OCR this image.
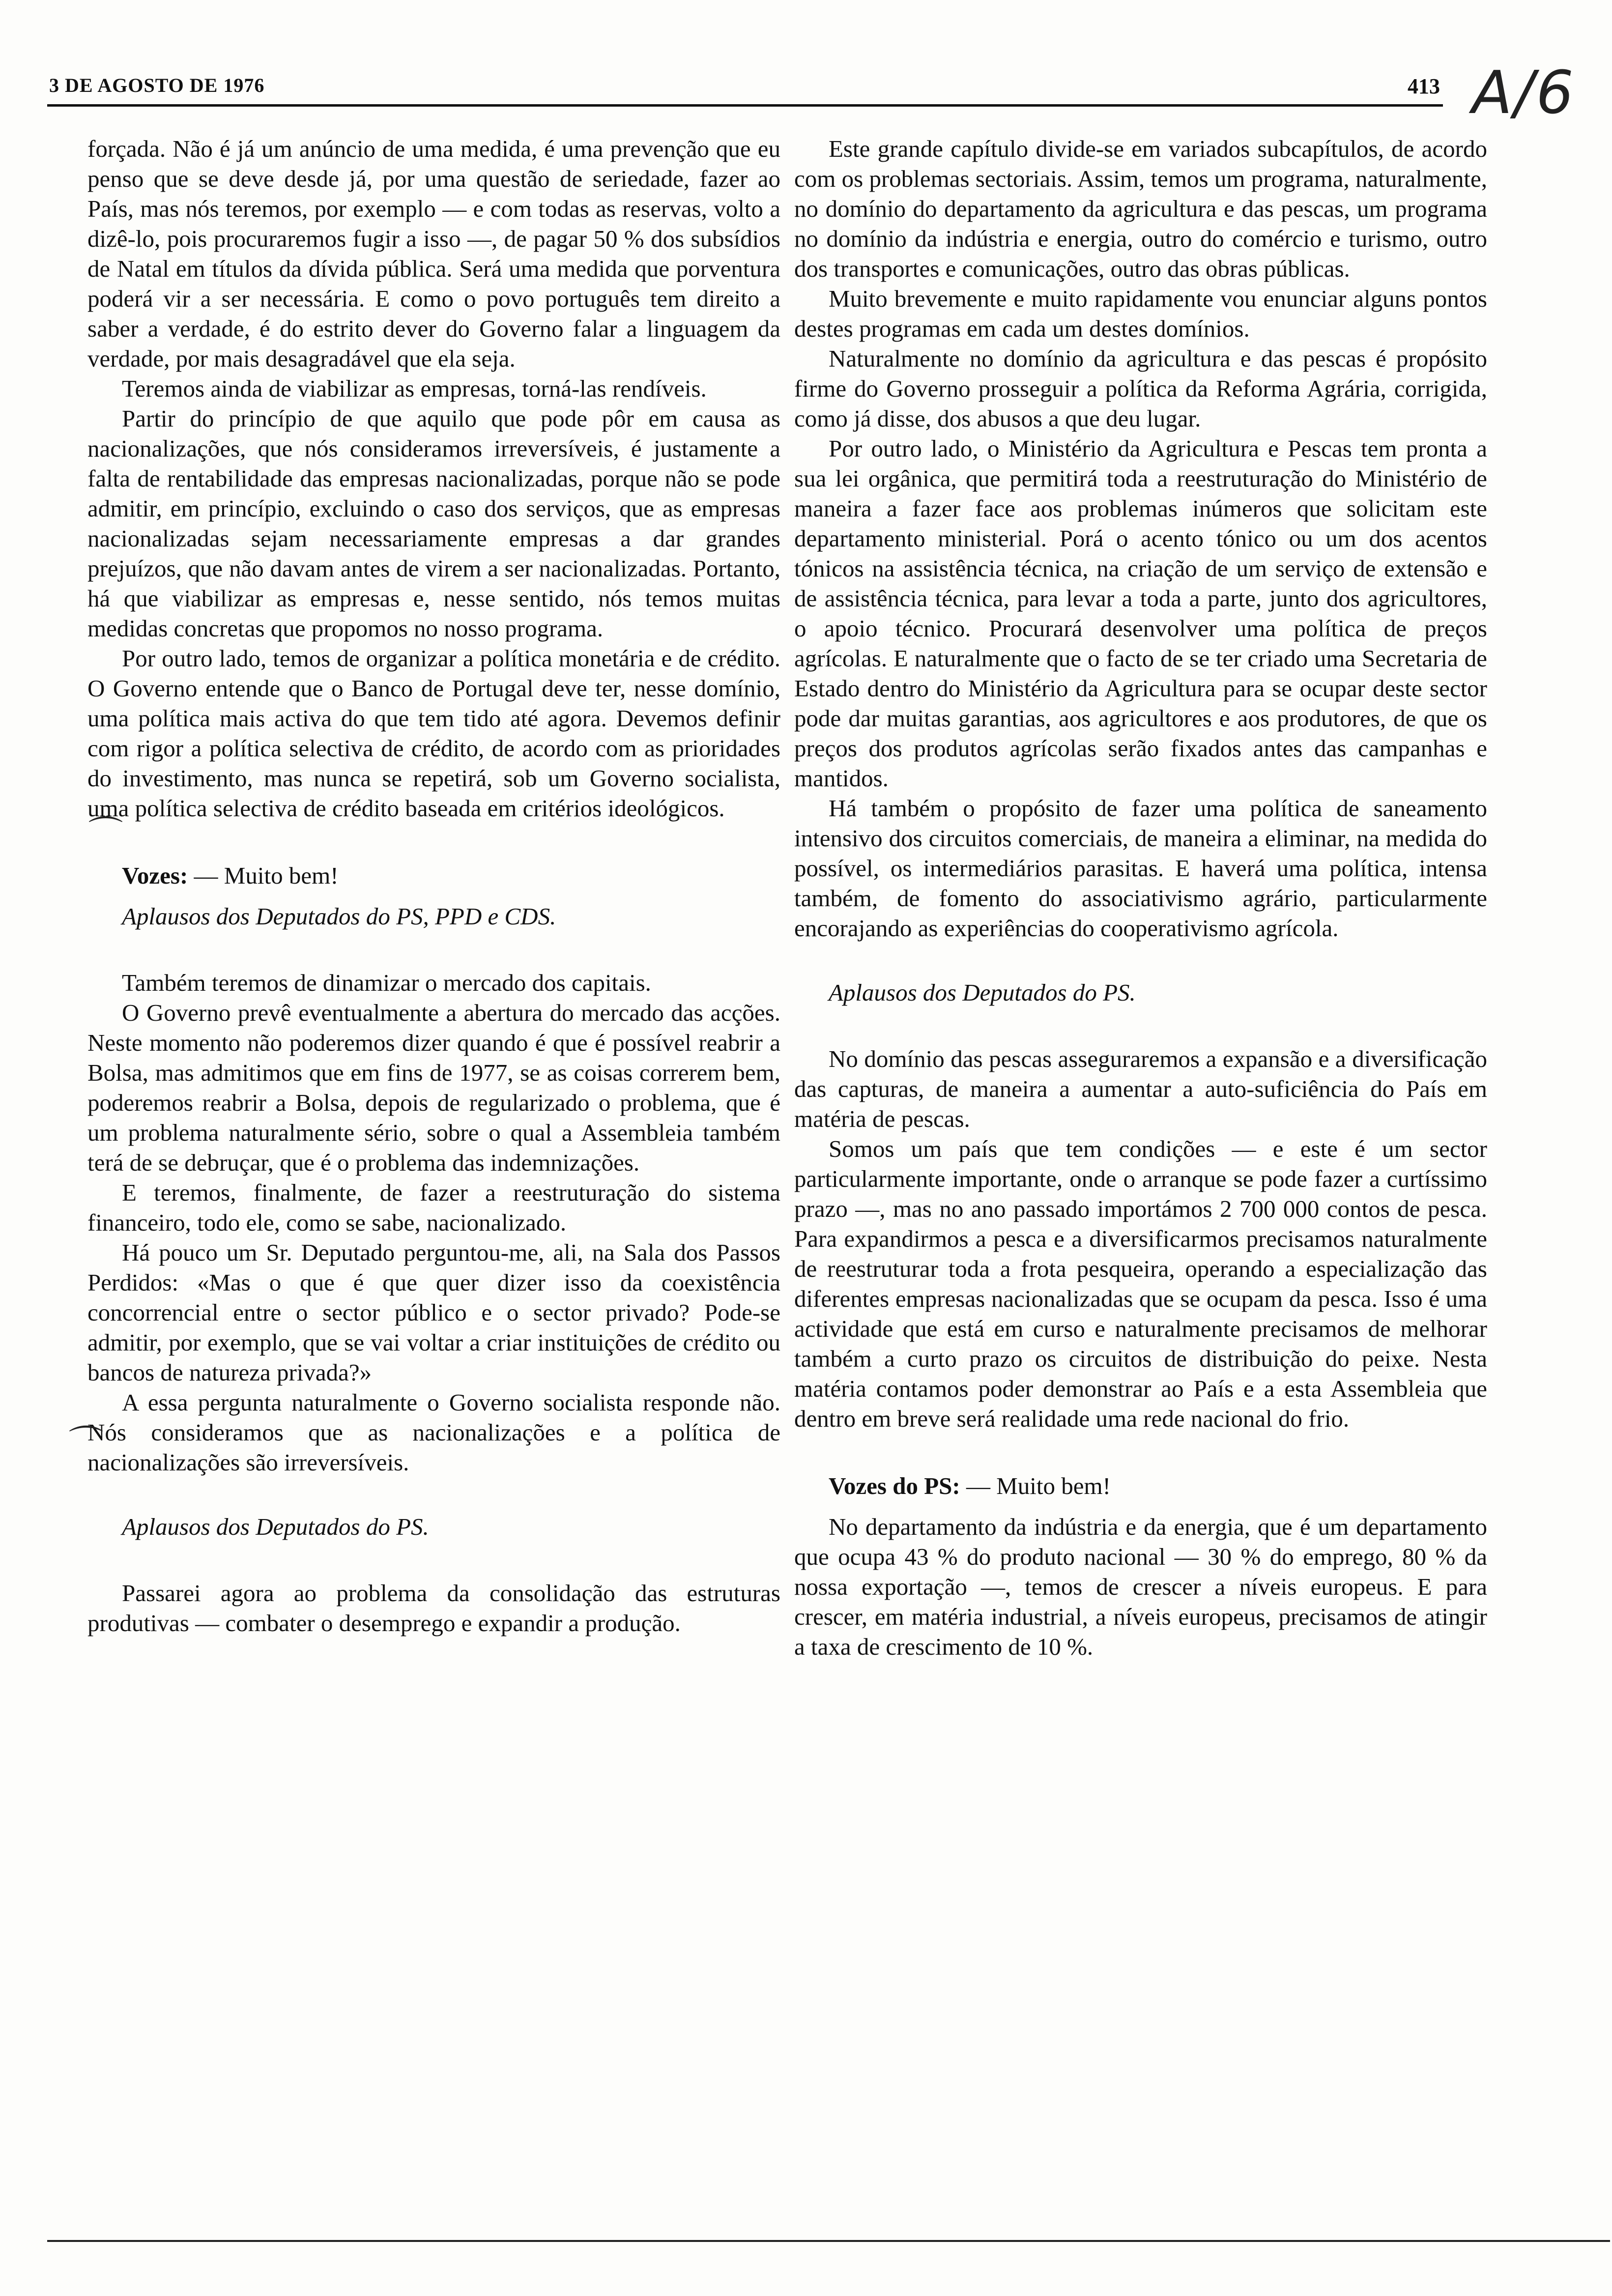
3 DE AGOSTO DE 1976	413 A/6

forçada. Não é já um anúncio de uma medida, é uma prevenção que eu penso que se deve desde já, por uma questão de seriedade, fazer ao País, mas nós teremos, por exemplo — e com todas as reservas, volto a dizê-lo, pois procuraremos fugir a isso —, de pagar 50 % dos subsídios de Natal em títulos da dívida pública. Será uma medida que porventura poderá vir a ser necessária. E como o povo português tem direito a saber a verdade, é do estrito dever do Governo falar a linguagem da verdade, por mais desagradável que ela seja.

Teremos ainda de viabilizar as empresas, torná-las rendíveis.

Partir do princípio de que aquilo que pode pôr em causa as nacionalizações, que nós consideramos irreversíveis, é justamente a falta de rentabilidade das empresas nacionalizadas, porque não se pode admitir, em princípio, excluindo o caso dos serviços, que as empresas nacionalizadas sejam necessariamente empresas a dar grandes prejuízos, que não davam antes de virem a ser nacionalizadas. Portanto, há que viabilizar as empresas e, nesse sentido, nós temos muitas medidas concretas que propomos no nosso programa.

Por outro lado, temos de organizar a política monetária e de crédito. O Governo entende que o Banco de Portugal deve ter, nesse domínio, uma política mais activa do que tem tido até agora. Devemos definir com rigor a política selectiva de crédito, de acordo com as prioridades do investimento, mas nunca se repetirá, sob um Governo socialista, uma política selectiva de crédito baseada em critérios ideológicos.

Vozes: — Muito bem!

Aplausos dos Deputados do PS, PPD e CDS.

Também teremos de dinamizar o mercado dos capitais.

O Governo prevê eventualmente a abertura do mercado das acções. Neste momento não poderemos dizer quando é que é possível reabrir a Bolsa, mas admitimos que em fins de 1977, se as coisas correrem bem, poderemos reabrir a Bolsa, depois de regularizado o problema, que é um problema naturalmente sério, sobre o qual a Assembleia também terá de se debruçar, que é o problema das indemnizações.

E teremos, finalmente, de fazer a reestruturação do sistema financeiro, todo ele, como se sabe, nacionalizado.

Há pouco um Sr. Deputado perguntou-me, ali, na Sala dos Passos Perdidos: «Mas o que é que quer dizer isso da coexistência concorrencial entre o sector público e o sector privado? Pode-se admitir, por exemplo, que se vai voltar a criar instituições de crédito ou bancos de natureza privada?»

A essa pergunta naturalmente o Governo socialista responde não. Nós consideramos que as nacionalizações e a política de nacionalizações são irreversíveis.

Aplausos dos Deputados do PS.

Passarei agora ao problema da consolidação das estruturas produtivas — combater o desemprego e expandir a produção.

Este grande capítulo divide-se em variados subcapítulos, de acordo com os problemas sectoriais. Assim, temos um programa, naturalmente, no domínio do departamento da agricultura e das pescas, um programa no domínio da indústria e energia, outro do comércio e turismo, outro dos transportes e comunicações, outro das obras públicas.

Muito brevemente e muito rapidamente vou enunciar alguns pontos destes programas em cada um destes domínios.

Naturalmente no domínio da agricultura e das pescas é propósito firme do Governo prosseguir a política da Reforma Agrária, corrigida, como já disse, dos abusos a que deu lugar.

Por outro lado, o Ministério da Agricultura e Pescas tem pronta a sua lei orgânica, que permitirá toda a reestruturação do Ministério de maneira a fazer face aos problemas inúmeros que solicitam este departamento ministerial. Porá o acento tónico ou um dos acentos tónicos na assistência técnica, na criação de um serviço de extensão e de assistência técnica, para levar a toda a parte, junto dos agricultores, o apoio técnico. Procurará desenvolver uma política de preços agrícolas. E naturalmente que o facto de se ter criado uma Secretaria de Estado dentro do Ministério da Agricultura para se ocupar deste sector pode dar muitas garantias, aos agricultores e aos produtores, de que os preços dos produtos agrícolas serão fixados antes das campanhas e mantidos.

Há também o propósito de fazer uma política de saneamento intensivo dos circuitos comerciais, de maneira a eliminar, na medida do possível, os intermediários parasitas. E haverá uma política, intensa também, de fomento do associativismo agrário, particularmente encorajando as experiências do cooperativismo agrícola.

Aplausos dos Deputados do PS.

No domínio das pescas asseguraremos a expansão e a diversificação das capturas, de maneira a aumentar a auto-suficiência do País em matéria de pescas.

Somos um país que tem condições — e este é um sector particularmente importante, onde o arranque se pode fazer a curtíssimo prazo —, mas no ano passado importámos 2 700 000 contos de pesca. Para expandirmos a pesca e a diversificarmos precisamos naturalmente de reestruturar toda a frota pesqueira, operando a especialização das diferentes empresas nacionalizadas que se ocupam da pesca. Isso é uma actividade que está em curso e naturalmente precisamos de melhorar também a curto prazo os circuitos de distribuição do peixe. Nesta matéria contamos poder demonstrar ao País e a esta Assembleia que dentro em breve será realidade uma rede nacional do frio.

Vozes do PS: — Muito bem!

No departamento da indústria e da energia, que é um departamento que ocupa 43 % do produto nacional — 30 % do emprego, 80 % da nossa exportação —, temos de crescer a níveis europeus. E para crescer, em matéria industrial, a níveis europeus, precisamos de atingir a taxa de crescimento de 10 %.

⌒
⌒
